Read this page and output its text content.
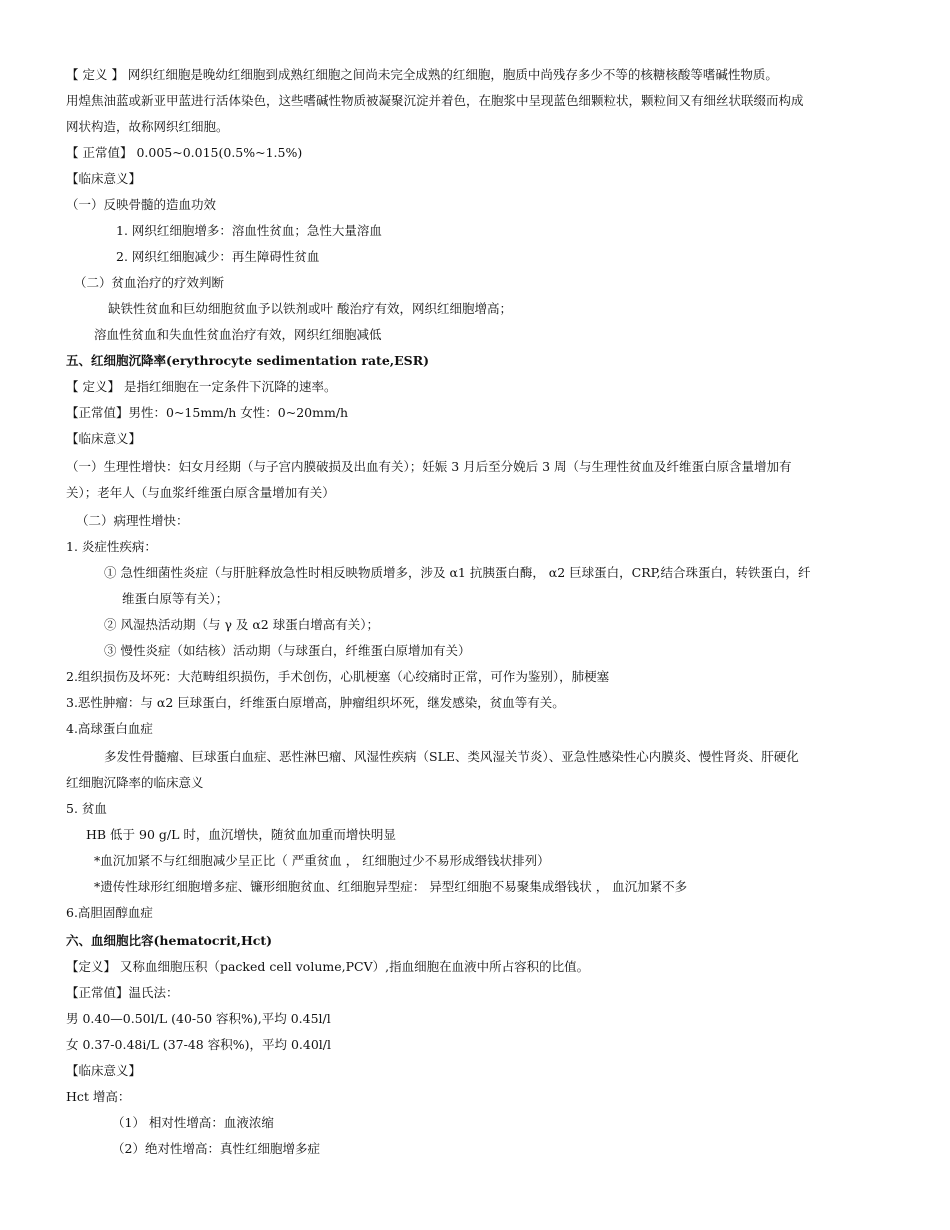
【 定义 】 网织红细胞是晚幼红细胞到成熟红细胞之间尚未完全成熟的红细胞，胞质中尚残存多少不等的核糖核酸等嗜碱性物质。
用煌焦油蓝或新亚甲蓝进行活体染色，这些嗜碱性物质被凝聚沉淀并着色，在胞浆中呈现蓝色细颗粒状，颗粒间又有细丝状联缀而构成
网状构造，故称网织红细胞。
【 正常值】 0.005~0.015(0.5%~1.5%)
【临床意义】
（一）反映骨髓的造血功效
1. 网织红细胞增多：溶血性贫血；急性大量溶血
2. 网织红细胞减少：再生障碍性贫血
（二）贫血治疗的疗效判断
缺铁性贫血和巨幼细胞贫血予以铁剂或叶 酸治疗有效，网织红细胞增高；
溶血性贫血和失血性贫血治疗有效，网织红细胞减低
五、红细胞沉降率(erythrocyte sedimentation rate,ESR)
【 定义】 是指红细胞在一定条件下沉降的速率。
【正常值】男性：0~15mm/h 女性：0~20mm/h
【临床意义】
（一）生理性增快：妇女月经期（与子宫内膜破损及出血有关）；妊娠 3 月后至分娩后 3 周（与生理性贫血及纤维蛋白原含量增加有
关）；老年人（与血浆纤维蛋白原含量增加有关）
（二）病理性增快：
1. 炎症性疾病：
① 急性细菌性炎症（与肝脏释放急性时相反映物质增多，涉及 α1 抗胰蛋白酶， α2 巨球蛋白，CRP,结合珠蛋白，转铁蛋白，纤
维蛋白原等有关）；
② 风湿热活动期（与 γ 及 α2 球蛋白增高有关）；
③ 慢性炎症（如结核）活动期（与球蛋白，纤维蛋白原增加有关）
2.组织损伤及坏死：大范畴组织损伤，手术创伤，心肌梗塞（心绞痛时正常，可作为鉴别），肺梗塞
3.恶性肿瘤：与 α2 巨球蛋白，纤维蛋白原增高，肿瘤组织坏死，继发感染，贫血等有关。
4.高球蛋白血症
多发性骨髓瘤、巨球蛋白血症、恶性淋巴瘤、风湿性疾病（SLE、类风湿关节炎）、亚急性感染性心内膜炎、慢性肾炎、肝硬化
红细胞沉降率的临床意义
5. 贫血
HB 低于 90 g/L 时，血沉增快，随贫血加重而增快明显
*血沉加紧不与红细胞减少呈正比（ 严重贫血 ， 红细胞过少不易形成缗钱状排列）
*遗传性球形红细胞增多症、镰形细胞贫血、红细胞异型症： 异型红细胞不易聚集成缗钱状 ， 血沉加紧不多
6.高胆固醇血症
六、血细胞比容(hematocrit,Hct)
【定义】 又称血细胞压积（packed cell volume,PCV）,指血细胞在血液中所占容积的比值。
【正常值】温氏法：
男 0.40—0.50l/L (40-50 容积%),平均 0.45l/l
女 0.37-0.48i/L (37-48 容积%)，平均 0.40l/l
【临床意义】
Hct 增高：
（1） 相对性增高：血液浓缩
（2）绝对性增高：真性红细胞增多症
